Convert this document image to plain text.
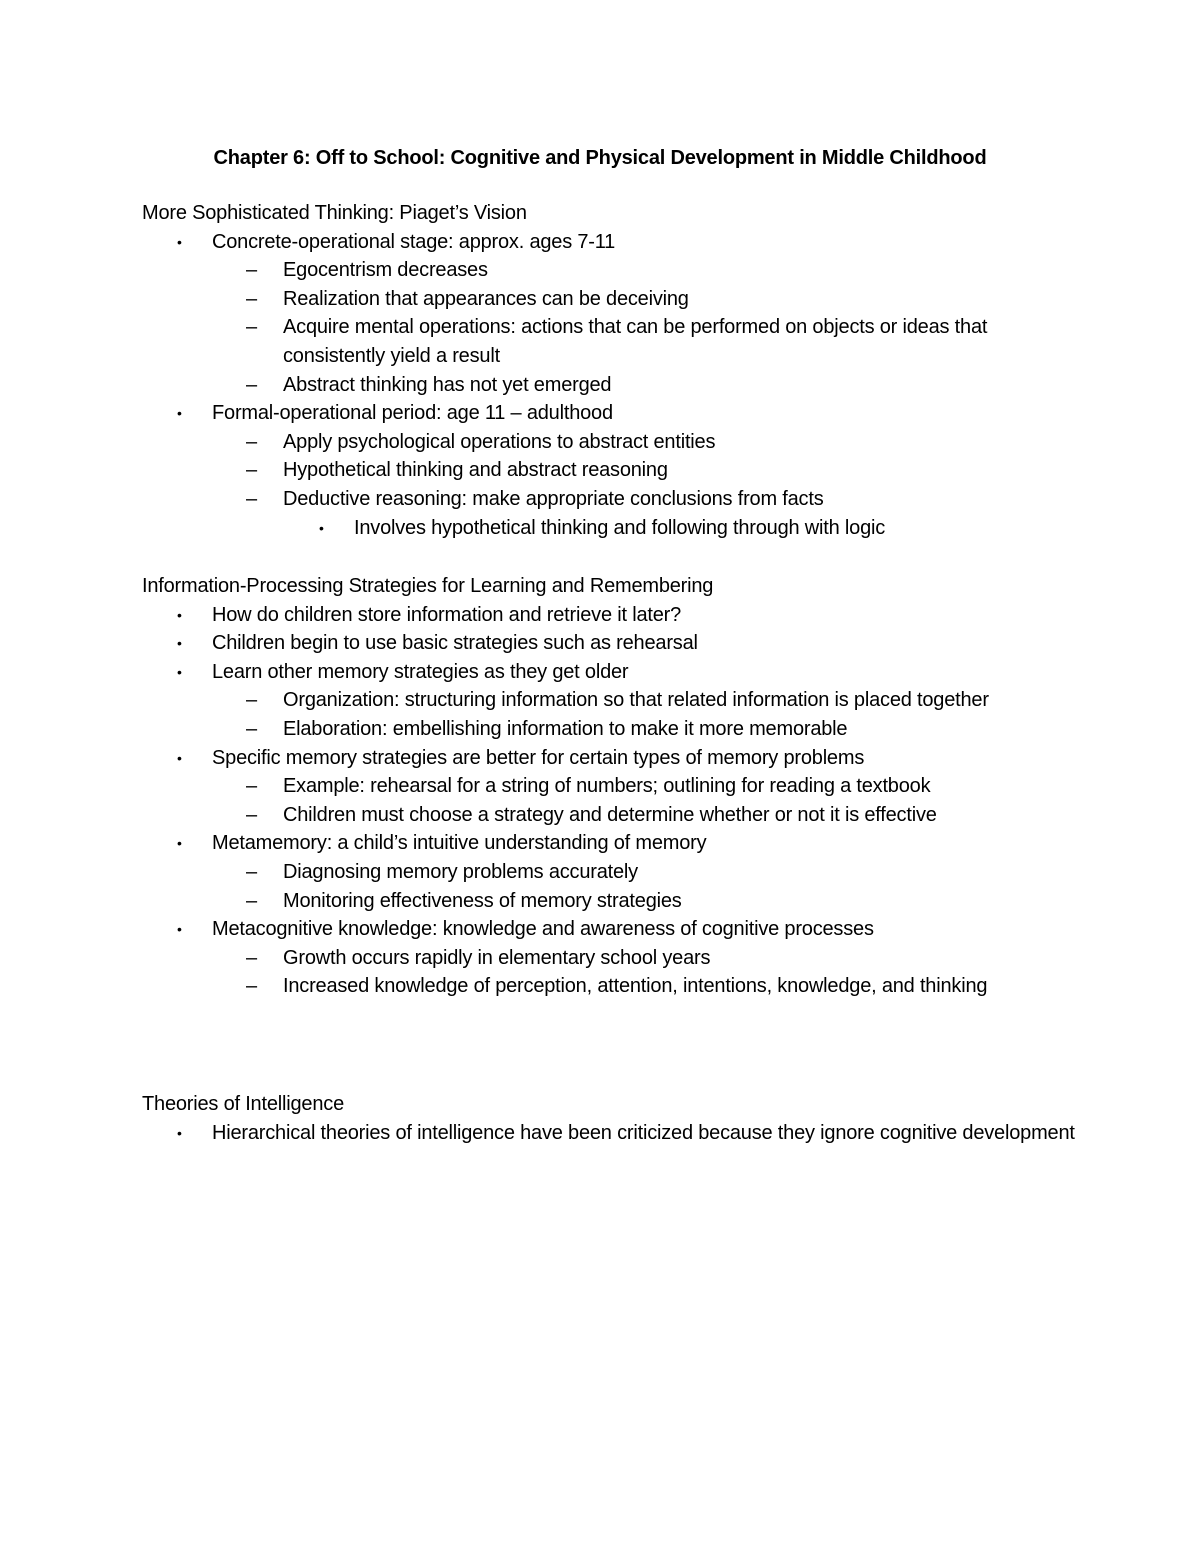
Chapter 6: Off to School: Cognitive and Physical Development in Middle Childhood
More Sophisticated Thinking: Piaget’s Vision
•	Concrete-operational stage: approx. ages 7-11
–	Egocentrism decreases
–	Realization that appearances can be deceiving
–	Acquire mental operations: actions that can be performed on objects or ideas that consistently yield a result
–	Abstract thinking has not yet emerged
•	Formal-operational period: age 11 – adulthood
–	Apply psychological operations to abstract entities
–	Hypothetical thinking and abstract reasoning
–	Deductive reasoning: make appropriate conclusions from facts
•	Involves hypothetical thinking and following through with logic
Information-Processing Strategies for Learning and Remembering
•	How do children store information and retrieve it later?
•	Children begin to use basic strategies such as rehearsal
•	Learn other memory strategies as they get older
–	Organization: structuring information so that related information is placed together
–	Elaboration: embellishing information to make it more memorable
•	Specific memory strategies are better for certain types of memory problems
–	Example: rehearsal for a string of numbers; outlining for reading a textbook
–	Children must choose a strategy and determine whether or not it is effective
•	Metamemory: a child’s intuitive understanding of memory
–	Diagnosing memory problems accurately
–	Monitoring effectiveness of memory strategies
•	Metacognitive knowledge: knowledge and awareness of cognitive processes
–	Growth occurs rapidly in elementary school years
–	Increased knowledge of perception, attention, intentions, knowledge, and thinking
Theories of Intelligence
•	Hierarchical theories of intelligence have been criticized because they ignore cognitive development
